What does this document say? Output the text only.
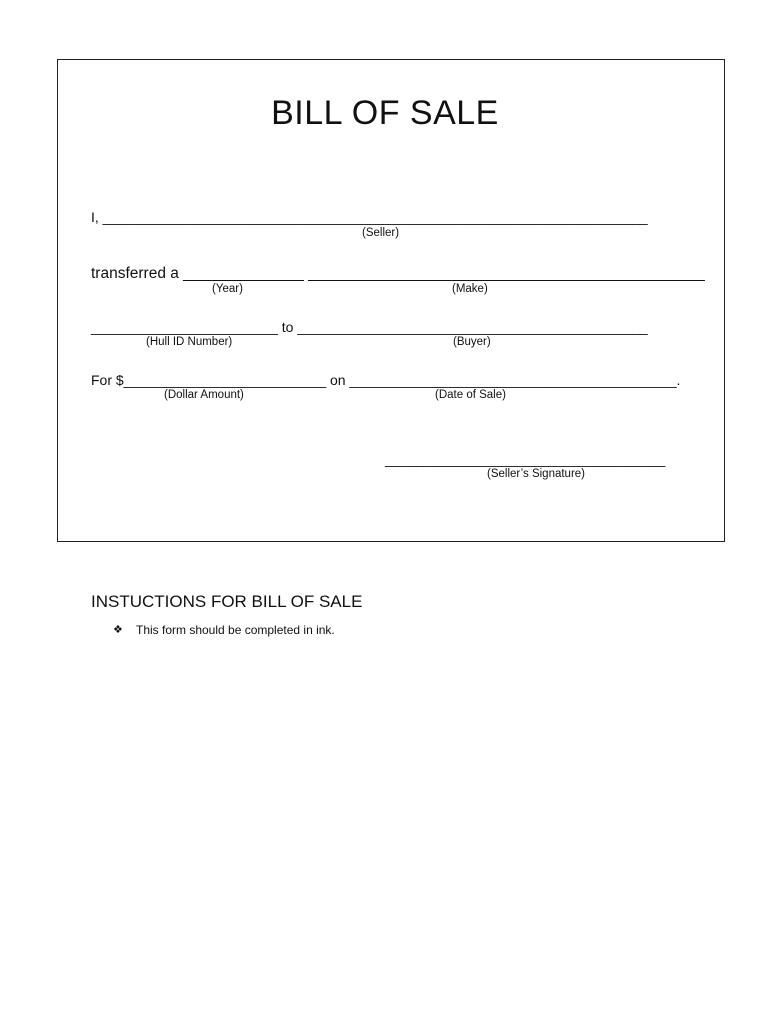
BILL OF SALE
I, ______________________________________________________________________
(Seller)
transferred a ______________ ______________________________________________
(Year)	(Make)
________________________ to _____________________________________________
(Hull ID Number)	(Buyer)
For $__________________________ on __________________________________________.
(Dollar Amount)	(Date of Sale)
____________________________________
(Seller’s Signature)
INSTUCTIONS FOR BILL OF SALE
❖ This form should be completed in ink.
